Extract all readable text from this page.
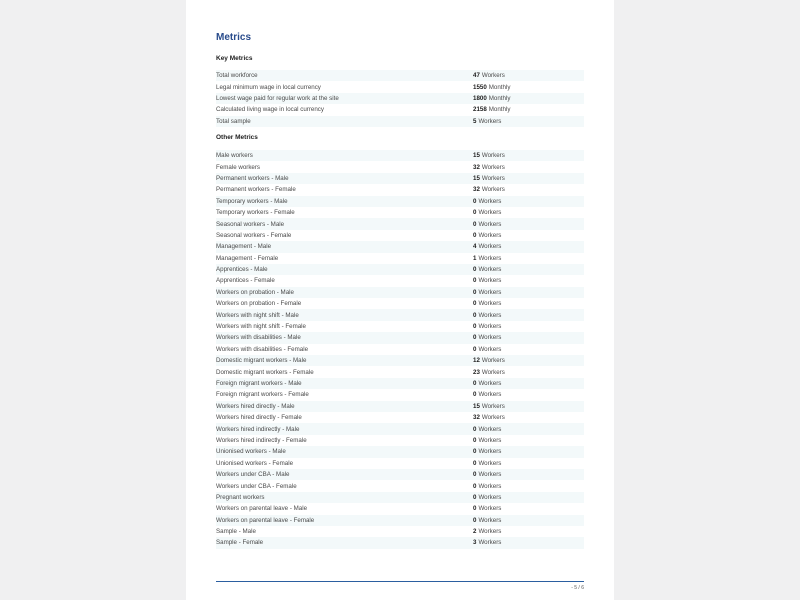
Metrics
Key Metrics
Total workforce	47 Workers
Legal minimum wage in local currency	1550 Monthly
Lowest wage paid for regular work at the site	1800 Monthly
Calculated living wage in local currency	2158 Monthly
Total sample	5 Workers
Other Metrics
Male workers	15 Workers
Female workers	32 Workers
Permanent workers - Male	15 Workers
Permanent workers - Female	32 Workers
Temporary workers - Male	0 Workers
Temporary workers - Female	0 Workers
Seasonal workers - Male	0 Workers
Seasonal workers - Female	0 Workers
Management - Male	4 Workers
Management - Female	1 Workers
Apprentices - Male	0 Workers
Apprentices - Female	0 Workers
Workers on probation - Male	0 Workers
Workers on probation - Female	0 Workers
Workers with night shift - Male	0 Workers
Workers with night shift - Female	0 Workers
Workers with disabilities - Male	0 Workers
Workers with disabilities - Female	0 Workers
Domestic migrant workers - Male	12 Workers
Domestic migrant workers - Female	23 Workers
Foreign migrant workers - Male	0 Workers
Foreign migrant workers - Female	0 Workers
Workers hired directly - Male	15 Workers
Workers hired directly - Female	32 Workers
Workers hired indirectly - Male	0 Workers
Workers hired indirectly - Female	0 Workers
Unionised workers - Male	0 Workers
Unionised workers - Female	0 Workers
Workers under CBA - Male	0 Workers
Workers under CBA - Female	0 Workers
Pregnant workers	0 Workers
Workers on parental leave - Male	0 Workers
Workers on parental leave - Female	0 Workers
Sample - Male	2 Workers
Sample - Female	3 Workers
- 5 / 6
